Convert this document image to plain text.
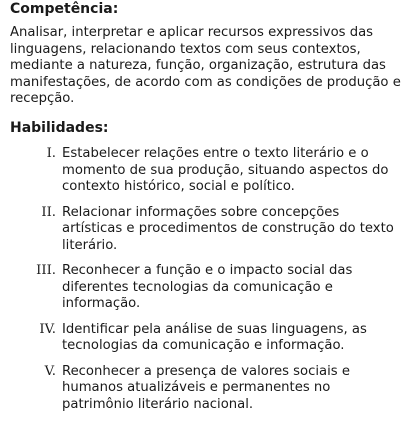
Competência:

Analisar, interpretar e aplicar recursos expressivos das linguagens, relacionando textos com seus contextos, mediante a natureza, função, organização, estrutura das manifestações, de acordo com as condições de produção e recepção.

Habilidades:
I. Estabelecer relações entre o texto literário e o momento de sua produção, situando aspectos do contexto histórico, social e político.
II. Relacionar informações sobre concepções artísticas e procedimentos de construção do texto literário.
III. Reconhecer a função e o impacto social das diferentes tecnologias da comunicação e informação.
IV. Identificar pela análise de suas linguagens, as tecnologias da comunicação e informação.
V. Reconhecer a presença de valores sociais e humanos atualizáveis e permanentes no patrimônio literário nacional.
